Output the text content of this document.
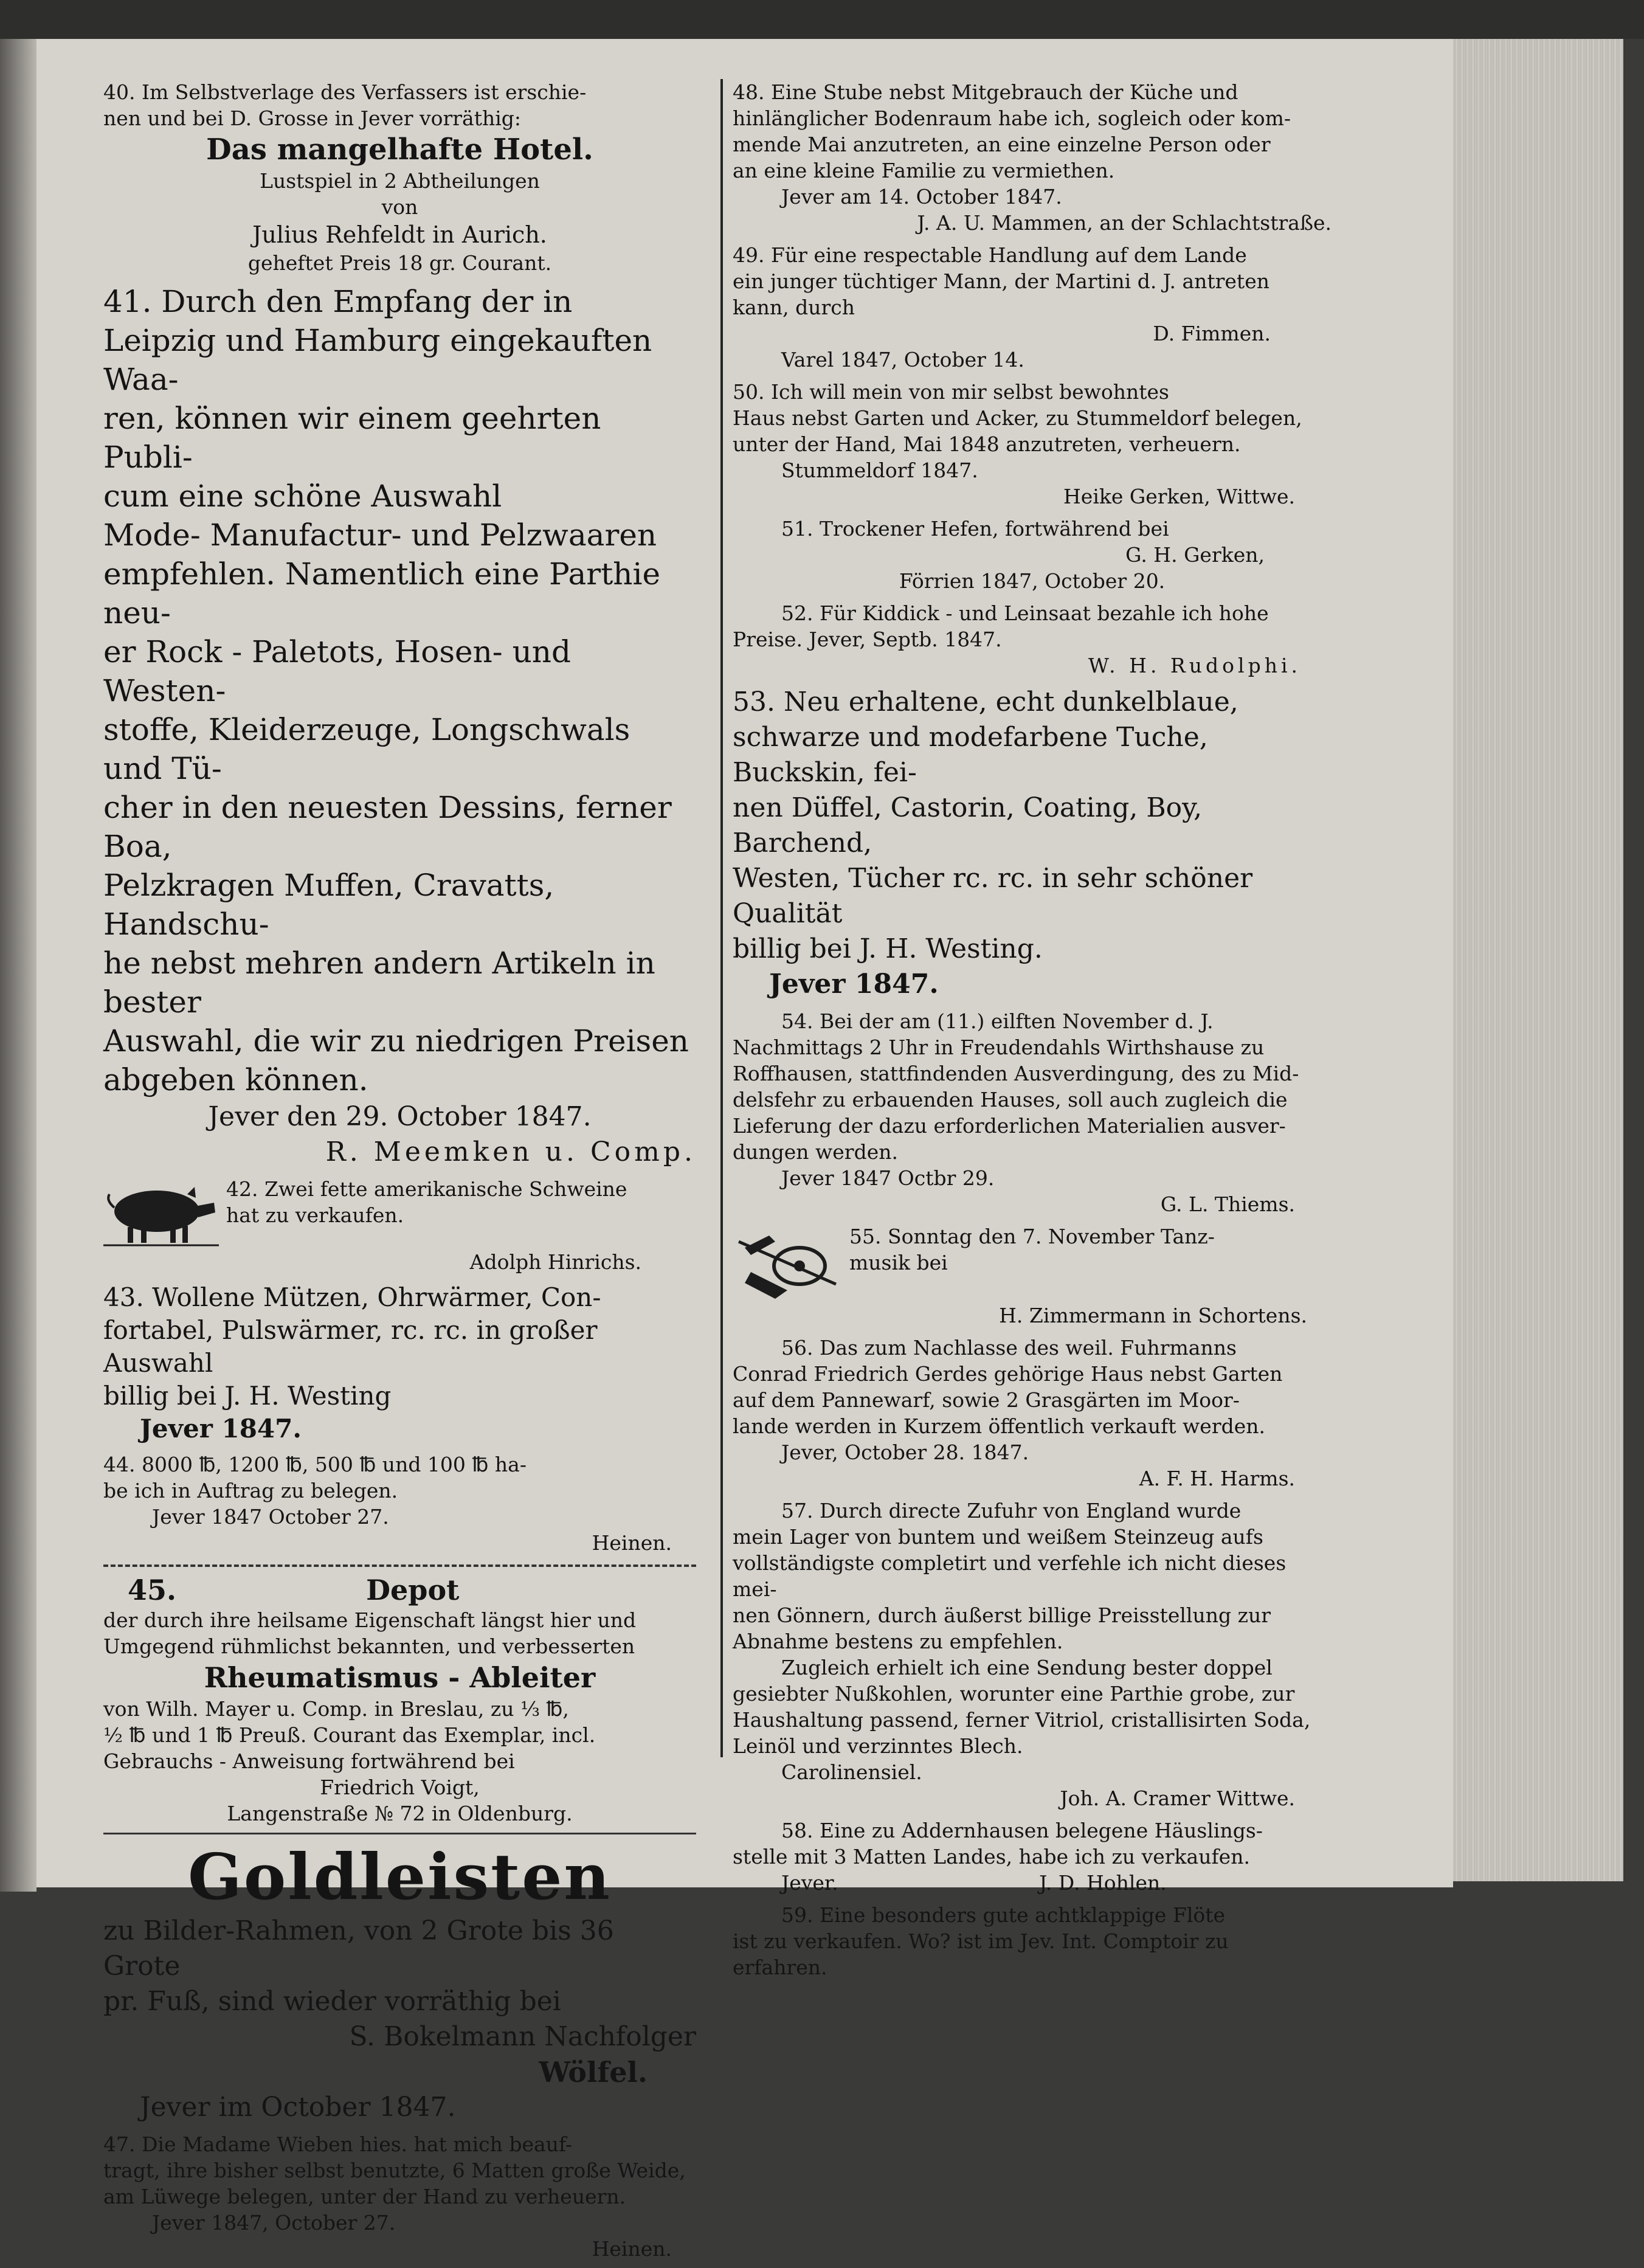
40. Im Selbstverlage des Verfassers ist erschie-

nen und bei D. Grosse in Jever vorräthig:

Das mangelhafte Hotel.

Lustspiel in 2 Abtheilungen

von

Julius Rehfeldt in Aurich.

geheftet Preis 18 gr. Courant.

41. Durch den Empfang der in

Leipzig und Hamburg eingekauften Waa-

ren, können wir einem geehrten Publi-

cum eine schöne Auswahl

Mode- Manufactur- und Pelzwaaren

empfehlen. Namentlich eine Parthie neu-

er Rock - Paletots, Hosen- und Westen-

stoffe, Kleiderzeuge, Longschwals und Tü-

cher in den neuesten Dessins, ferner Boa,

Pelzkragen Muffen, Cravatts, Handschu-

he nebst mehren andern Artikeln in bester

Auswahl, die wir zu niedrigen Preisen

abgeben können.

Jever den 29. October 1847.

R. Meemken u. Comp.

42. Zwei fette amerikanische Schweine

hat zu verkaufen.

Adolph Hinrichs.

43. Wollene Mützen, Ohrwärmer, Con-

fortabel, Pulswärmer, rc. rc. in großer Auswahl

billig bei J. H. Westing

Jever 1847.

44. 8000 ℔, 1200 ℔, 500 ℔ und 100 ℔ ha-

be ich in Auftrag zu belegen.

Jever 1847 October 27.

Heinen.

45.	Depot

der durch ihre heilsame Eigenschaft längst hier und

Umgegend rühmlichst bekannten, und verbesserten

Rheumatismus - Ableiter

von Wilh. Mayer u. Comp. in Breslau, zu ⅓ ℔,

½ ℔ und 1 ℔ Preuß. Courant das Exemplar, incl.

Gebrauchs - Anweisung fortwährend bei

Friedrich Voigt,

Langenstraße № 72 in Oldenburg.

Goldleisten

zu Bilder-Rahmen, von 2 Grote bis 36 Grote

pr. Fuß, sind wieder vorräthig bei

S. Bokelmann Nachfolger

Wölfel.

Jever im October 1847.

47. Die Madame Wieben hies. hat mich beauf-

tragt, ihre bisher selbst benutzte, 6 Matten große Weide,

am Lüwege belegen, unter der Hand zu verheuern.

Jever 1847, October 27.

Heinen.

48. Eine Stube nebst Mitgebrauch der Küche und

hinlänglicher Bodenraum habe ich, sogleich oder kom-

mende Mai anzutreten, an eine einzelne Person oder

an eine kleine Familie zu vermiethen.

Jever am 14. October 1847.

J. A. U. Mammen, an der Schlachtstraße.

49. Für eine respectable Handlung auf dem Lande

ein junger tüchtiger Mann, der Martini d. J. antreten

kann, durch

D. Fimmen.

Varel 1847, October 14.

50. Ich will mein von mir selbst bewohntes

Haus nebst Garten und Acker, zu Stummeldorf belegen,

unter der Hand, Mai 1848 anzutreten, verheuern.

Stummeldorf 1847.

Heike Gerken, Wittwe.

51. Trockener Hefen, fortwährend bei

G. H. Gerken,

Förrien 1847, October 20.

52. Für Kiddick - und Leinsaat bezahle ich hohe

Preise. Jever, Septb. 1847.

W. H. Rudolphi.

53. Neu erhaltene, echt dunkelblaue,

schwarze und modefarbene Tuche, Buckskin, fei-

nen Düffel, Castorin, Coating, Boy, Barchend,

Westen, Tücher rc. rc. in sehr schöner Qualität

billig bei J. H. Westing.

Jever 1847.

54. Bei der am (11.) eilften November d. J.

Nachmittags 2 Uhr in Freudendahls Wirthshause zu

Roffhausen, stattfindenden Ausverdingung, des zu Mid-

delsfehr zu erbauenden Hauses, soll auch zugleich die

Lieferung der dazu erforderlichen Materialien ausver-

dungen werden.

Jever 1847 Octbr 29.

G. L. Thiems.

55. Sonntag den 7. November Tanz-

musik bei

H. Zimmermann in Schortens.

56. Das zum Nachlasse des weil. Fuhrmanns

Conrad Friedrich Gerdes gehörige Haus nebst Garten

auf dem Pannewarf, sowie 2 Grasgärten im Moor-

lande werden in Kurzem öffentlich verkauft werden.

Jever, October 28. 1847.

A. F. H. Harms.

57. Durch directe Zufuhr von England wurde

mein Lager von buntem und weißem Steinzeug aufs

vollständigste completirt und verfehle ich nicht dieses mei-

nen Gönnern, durch äußerst billige Preisstellung zur

Abnahme bestens zu empfehlen.

Zugleich erhielt ich eine Sendung bester doppel

gesiebter Nußkohlen, worunter eine Parthie grobe, zur

Haushaltung passend, ferner Vitriol, cristallisirten Soda,

Leinöl und verzinntes Blech.

Carolinensiel.

Joh. A. Cramer Wittwe.

58. Eine zu Addernhausen belegene Häuslings-

stelle mit 3 Matten Landes, habe ich zu verkaufen.

Jever.	J. D. Hohlen.

59. Eine besonders gute achtklappige Flöte

ist zu verkaufen. Wo? ist im Jev. Int. Comptoir zu

erfahren.
